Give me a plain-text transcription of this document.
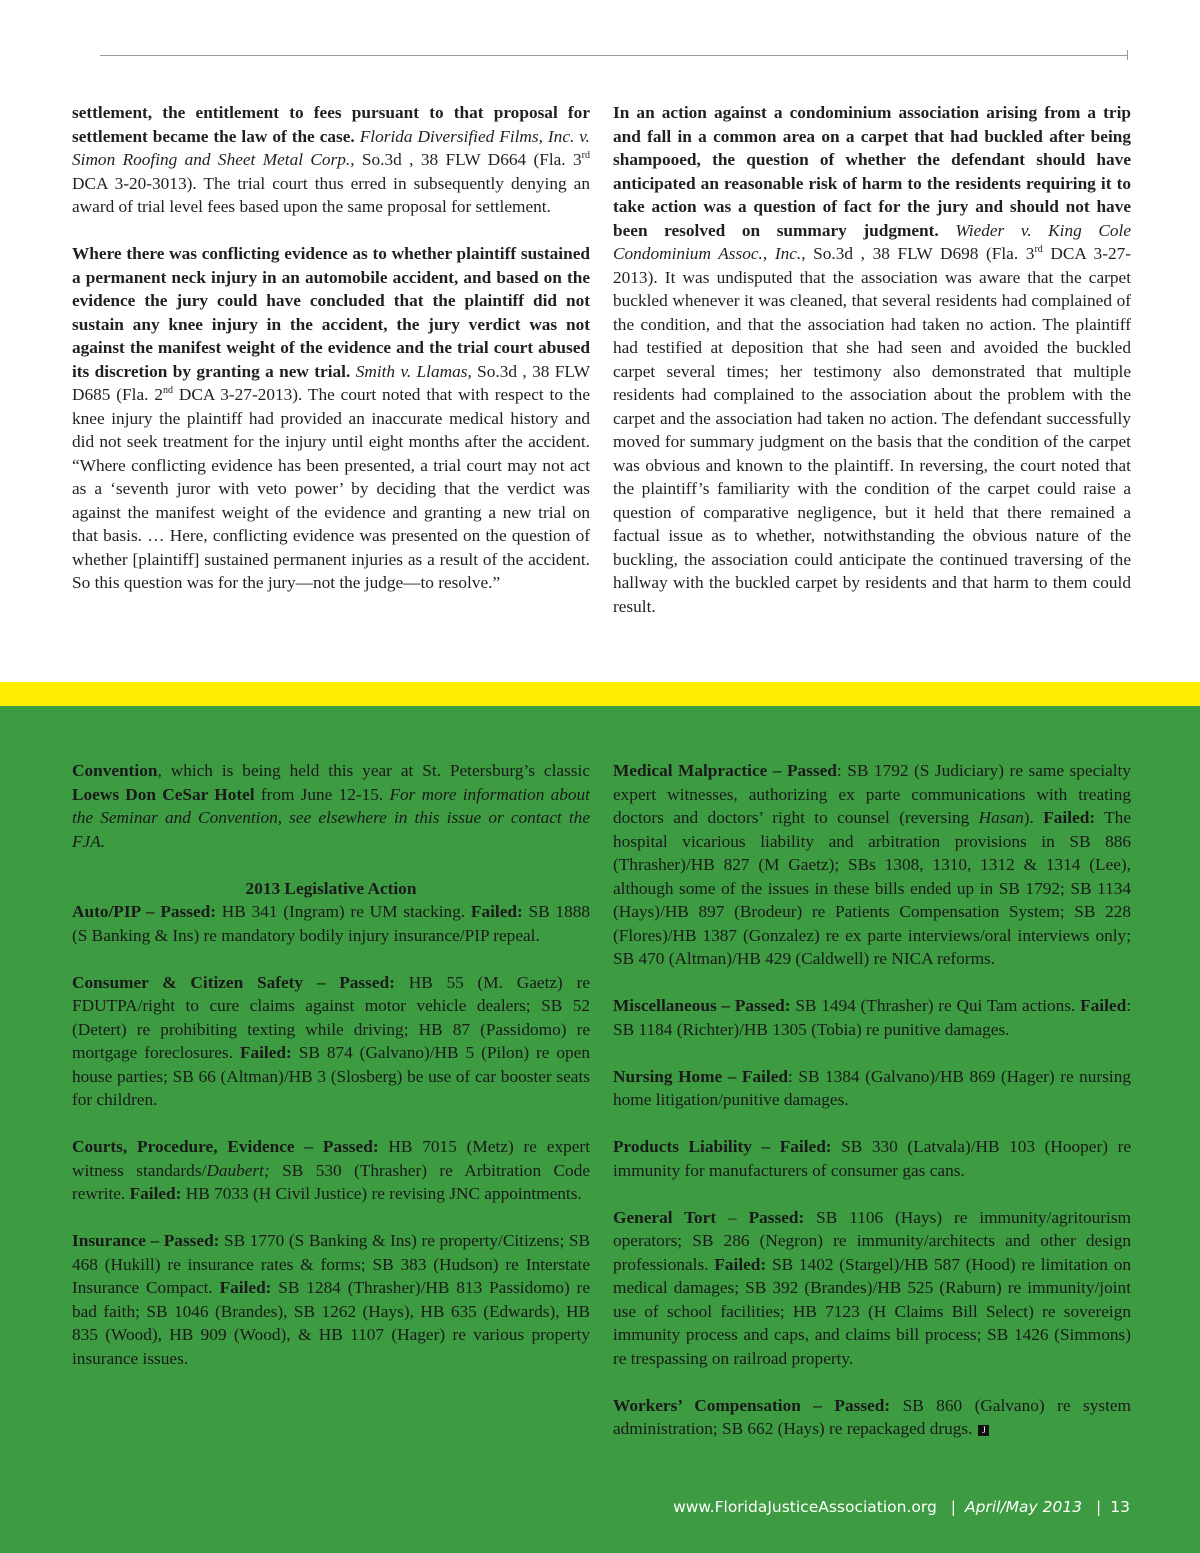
settlement, the entitlement to fees pursuant to that proposal for settlement became the law of the case. Florida Diversified Films, Inc. v. Simon Roofing and Sheet Metal Corp., So.3d , 38 FLW D664 (Fla. 3rd DCA 3-20-3013). The trial court thus erred in subsequently denying an award of trial level fees based upon the same proposal for settlement.

Where there was conflicting evidence as to whether plaintiff sustained a permanent neck injury in an automobile accident, and based on the evidence the jury could have concluded that the plaintiff did not sustain any knee injury in the accident, the jury verdict was not against the manifest weight of the evidence and the trial court abused its discretion by granting a new trial. Smith v. Llamas, So.3d , 38 FLW D685 (Fla. 2nd DCA 3-27-2013). The court noted that with respect to the knee injury the plaintiff had provided an inaccurate medical history and did not seek treatment for the injury until eight months after the accident. “Where conflicting evidence has been presented, a trial court may not act as a ‘seventh juror with veto power’ by deciding that the verdict was against the manifest weight of the evidence and granting a new trial on that basis. … Here, conflicting evidence was presented on the question of whether [plaintiff] sustained permanent injuries as a result of the accident. So this question was for the jury—not the judge—to resolve.”

In an action against a condominium association arising from a trip and fall in a common area on a carpet that had buckled after being shampooed, the question of whether the defendant should have anticipated an reasonable risk of harm to the residents requiring it to take action was a question of fact for the jury and should not have been resolved on summary judgment. Wieder v. King Cole Condominium Assoc., Inc., So.3d , 38 FLW D698 (Fla. 3rd DCA 3-27-2013). It was undisputed that the association was aware that the carpet buckled whenever it was cleaned, that several residents had complained of the condition, and that the association had taken no action. The plaintiff had testified at deposition that she had seen and avoided the buckled carpet several times; her testimony also demonstrated that multiple residents had complained to the association about the problem with the carpet and the association had taken no action. The defendant successfully moved for summary judgment on the basis that the condition of the carpet was obvious and known to the plaintiff. In reversing, the court noted that the plaintiff’s familiarity with the condition of the carpet could raise a question of comparative negligence, but it held that there remained a factual issue as to whether, notwithstanding the obvious nature of the buckling, the association could anticipate the continued traversing of the hallway with the buckled carpet by residents and that harm to them could result.

Convention, which is being held this year at St. Petersburg’s classic Loews Don CeSar Hotel from June 12-15. For more information about the Seminar and Convention, see elsewhere in this issue or contact the FJA.

2013 Legislative Action
Auto/PIP – Passed: HB 341 (Ingram) re UM stacking. Failed: SB 1888 (S Banking & Ins) re mandatory bodily injury insurance/PIP repeal.

Consumer & Citizen Safety – Passed: HB 55 (M. Gaetz) re FDUTPA/right to cure claims against motor vehicle dealers; SB 52 (Detert) re prohibiting texting while driving; HB 87 (Passidomo) re mortgage foreclosures. Failed: SB 874 (Galvano)/HB 5 (Pilon) re open house parties; SB 66 (Altman)/HB 3 (Slosberg) be use of car booster seats for children.

Courts, Procedure, Evidence – Passed: HB 7015 (Metz) re expert witness standards/Daubert; SB 530 (Thrasher) re Arbitration Code rewrite. Failed: HB 7033 (H Civil Justice) re revising JNC appointments.

Insurance – Passed: SB 1770 (S Banking & Ins) re property/Citizens; SB 468 (Hukill) re insurance rates & forms; SB 383 (Hudson) re Interstate Insurance Compact. Failed: SB 1284 (Thrasher)/HB 813 Passidomo) re bad faith; SB 1046 (Brandes), SB 1262 (Hays), HB 635 (Edwards), HB 835 (Wood), HB 909 (Wood), & HB 1107 (Hager) re various property insurance issues.

Medical Malpractice – Passed: SB 1792 (S Judiciary) re same specialty expert witnesses, authorizing ex parte communications with treating doctors and doctors’ right to counsel (reversing Hasan). Failed: The hospital vicarious liability and arbitration provisions in SB 886 (Thrasher)/HB 827 (M Gaetz); SBs 1308, 1310, 1312 & 1314 (Lee), although some of the issues in these bills ended up in SB 1792; SB 1134 (Hays)/HB 897 (Brodeur) re Patients Compensation System; SB 228 (Flores)/HB 1387 (Gonzalez) re ex parte interviews/oral interviews only; SB 470 (Altman)/HB 429 (Caldwell) re NICA reforms.

Miscellaneous – Passed: SB 1494 (Thrasher) re Qui Tam actions. Failed: SB 1184 (Richter)/HB 1305 (Tobia) re punitive damages.

Nursing Home – Failed: SB 1384 (Galvano)/HB 869 (Hager) re nursing home litigation/punitive damages.

Products Liability – Failed: SB 330 (Latvala)/HB 103 (Hooper) re immunity for manufacturers of consumer gas cans.

General Tort – Passed: SB 1106 (Hays) re immunity/agritourism operators; SB 286 (Negron) re immunity/architects and other design professionals. Failed: SB 1402 (Stargel)/HB 587 (Hood) re limitation on medical damages; SB 392 (Brandes)/HB 525 (Raburn) re immunity/joint use of school facilities; HB 7123 (H Claims Bill Select) re sovereign immunity process and caps, and claims bill process; SB 1426 (Simmons) re trespassing on railroad property.

Workers’ Compensation – Passed: SB 860 (Galvano) re system administration; SB 662 (Hays) re repackaged drugs. J

www.FloridaJusticeAssociation.org | April/May 2013 | 13
